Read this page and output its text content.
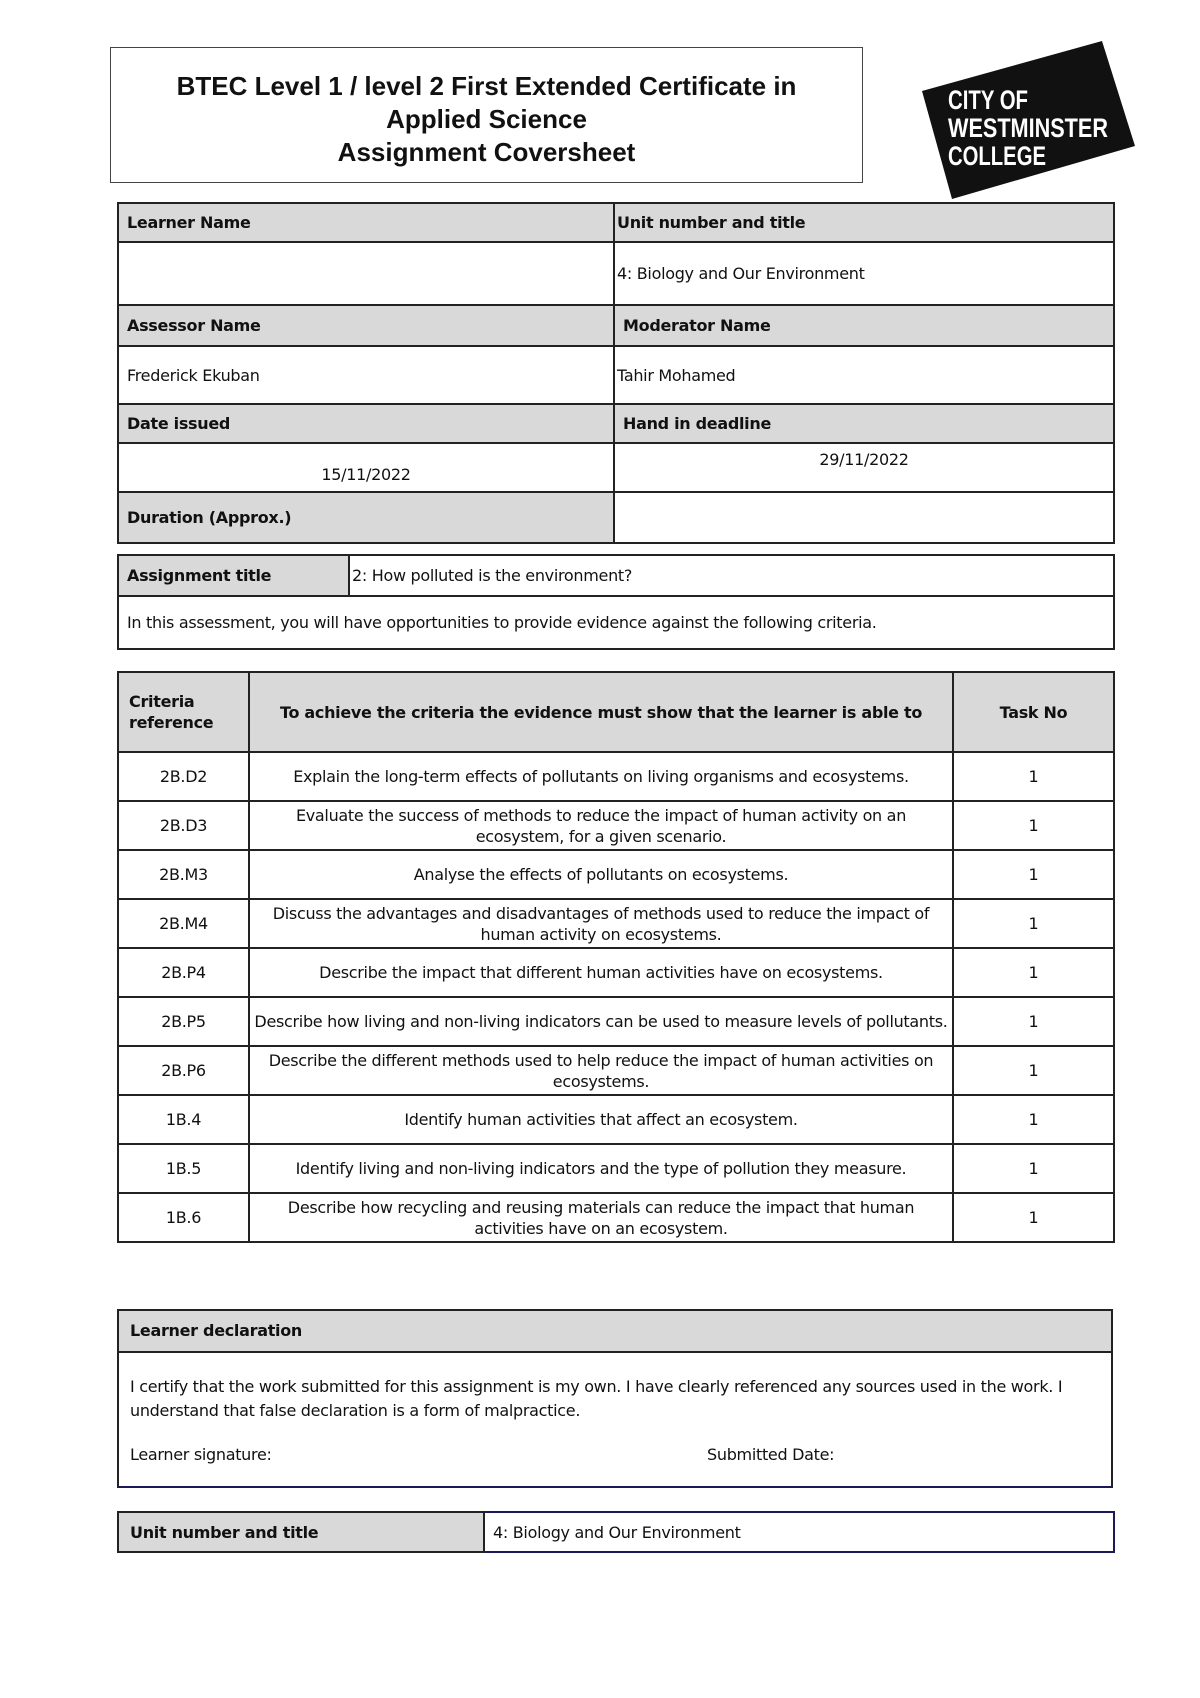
BTEC Level 1 / level 2 First Extended Certificate in
Applied Science
Assignment Coversheet
CITY OF
WESTMINSTER
COLLEGE
Learner Name	Unit number and title
	4: Biology and Our Environment
Assessor Name	Moderator Name
Frederick Ekuban	Tahir Mohamed
Date issued	Hand in deadline
15/11/2022	29/11/2022
Duration (Approx.)	
Assignment title	2: How polluted is the environment?
In this assessment, you will have opportunities to provide evidence against the following criteria.
Criteria reference	To achieve the criteria the evidence must show that the learner is able to	Task No
2B.D2	Explain the long-term effects of pollutants on living organisms and ecosystems.	1
2B.D3	Evaluate the success of methods to reduce the impact of human activity on an ecosystem, for a given scenario.	1
2B.M3	Analyse the effects of pollutants on ecosystems.	1
2B.M4	Discuss the advantages and disadvantages of methods used to reduce the impact of human activity on ecosystems.	1
2B.P4	Describe the impact that different human activities have on ecosystems.	1
2B.P5	Describe how living and non-living indicators can be used to measure levels of pollutants.	1
2B.P6	Describe the different methods used to help reduce the impact of human activities on ecosystems.	1
1B.4	Identify human activities that affect an ecosystem.	1
1B.5	Identify living and non-living indicators and the type of pollution they measure.	1
1B.6	Describe how recycling and reusing materials can reduce the impact that human activities have on an ecosystem.	1
Learner declaration
I certify that the work submitted for this assignment is my own. I have clearly referenced any sources used in the work. I understand that false declaration is a form of malpractice.
Learner signature:	Submitted Date:
Unit number and title	4: Biology and Our Environment
